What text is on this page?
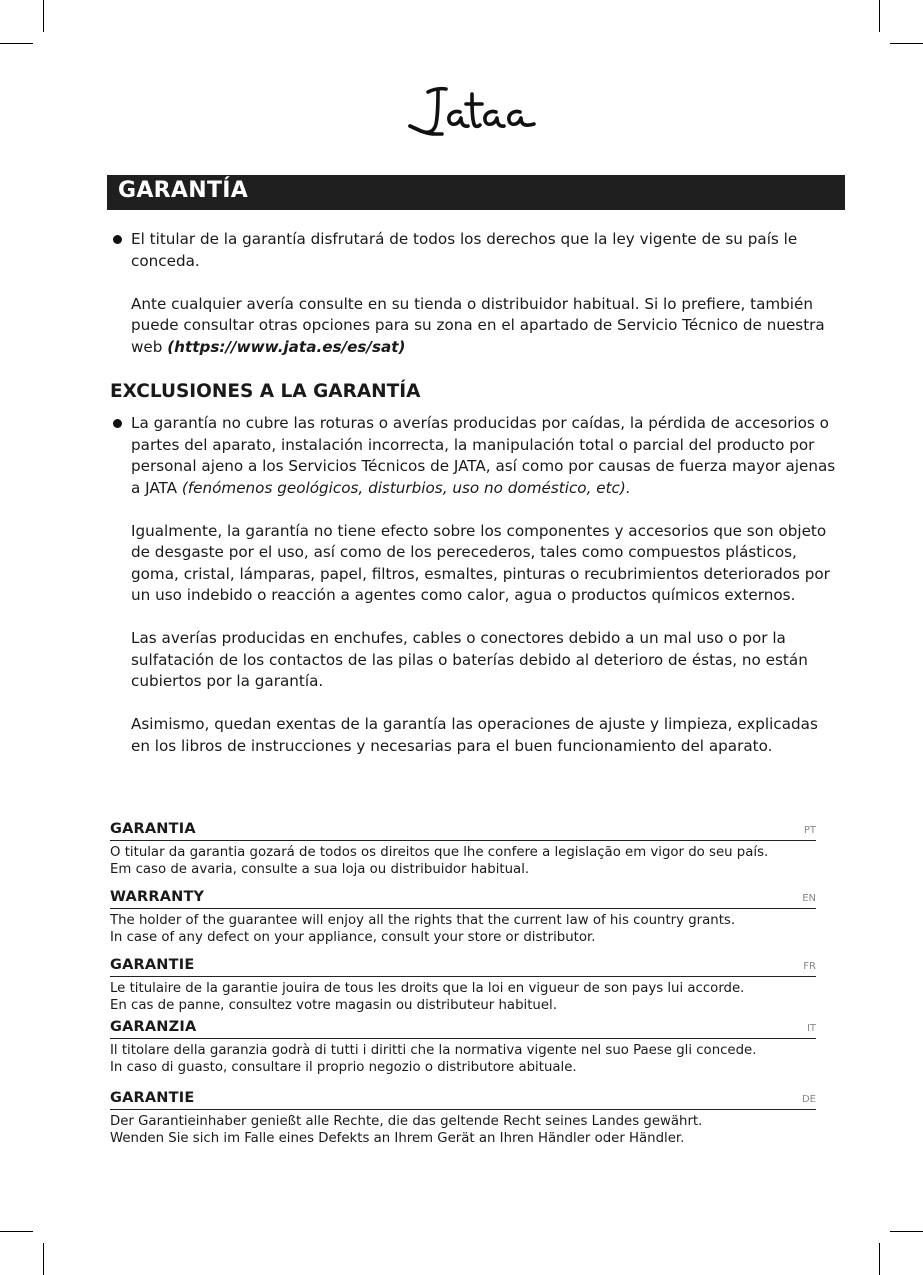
GARANTÍA

El titular de la garantía disfrutará de todos los derechos que la ley vigente de su país le conceda.

Ante cualquier avería consulte en su tienda o distribuidor habitual. Si lo prefiere, también puede consultar otras opciones para su zona en el apartado de Servicio Técnico de nuestra web (https://www.jata.es/es/sat)

EXCLUSIONES A LA GARANTÍA

La garantía no cubre las roturas o averías producidas por caídas, la pérdida de accesorios o partes del aparato, instalación incorrecta, la manipulación total o parcial del producto por personal ajeno a los Servicios Técnicos de JATA, así como por causas de fuerza mayor ajenas a JATA (fenómenos geológicos, disturbios, uso no doméstico, etc).

Igualmente, la garantía no tiene efecto sobre los componentes y accesorios que son objeto de desgaste por el uso, así como de los perecederos, tales como compuestos plásticos, goma, cristal, lámparas, papel, filtros, esmaltes, pinturas o recubrimientos deteriorados por un uso indebido o reacción a agentes como calor, agua o productos químicos externos.

Las averías producidas en enchufes, cables o conectores debido a un mal uso o por la sulfatación de los contactos de las pilas o baterías debido al deterioro de éstas, no están cubiertos por la garantía.

Asimismo, quedan exentas de la garantía las operaciones de ajuste y limpieza, explicadas en los libros de instrucciones y necesarias para el buen funcionamiento del aparato.

GARANTIA	PT
O titular da garantia gozará de todos os direitos que lhe confere a legislação em vigor do seu país.
Em caso de avaria, consulte a sua loja ou distribuidor habitual.
WARRANTY	EN
The holder of the guarantee will enjoy all the rights that the current law of his country grants.
In case of any defect on your appliance, consult your store or distributor.
GARANTIE	FR
Le titulaire de la garantie jouira de tous les droits que la loi en vigueur de son pays lui accorde.
En cas de panne, consultez votre magasin ou distributeur habituel.
GARANZIA	IT
Il titolare della garanzia godrà di tutti i diritti che la normativa vigente nel suo Paese gli concede.
In caso di guasto, consultare il proprio negozio o distributore abituale.
GARANTIE	DE
Der Garantieinhaber genießt alle Rechte, die das geltende Recht seines Landes gewährt.
Wenden Sie sich im Falle eines Defekts an Ihrem Gerät an Ihren Händler oder Händler.
